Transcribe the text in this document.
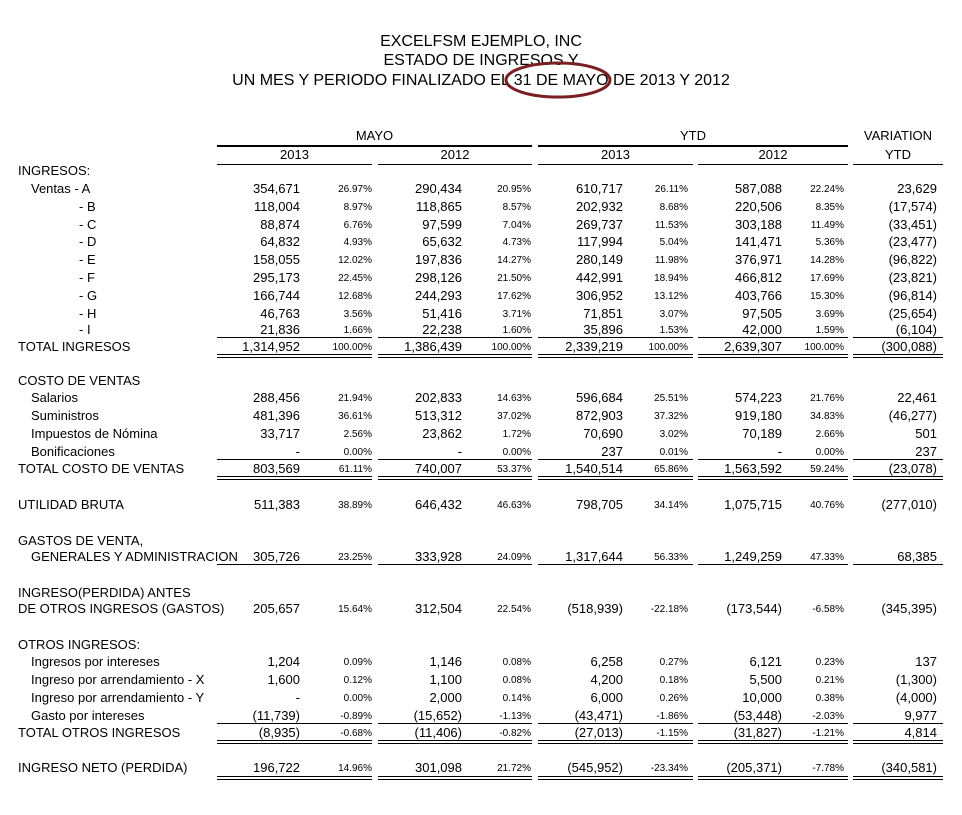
EXCELFSM EJEMPLO, INC
ESTADO DE INGRESOS Y
UN MES Y PERIODO FINALIZADO EL 31 DE MAYO DE 2013 Y 2012
MAYO	YTD	VARIATION
2013	2012	2013	2012	YTD
INGRESOS:
Ventas - A	354,671	26.97%	290,434	20.95%	610,717	26.11%	587,088	22.24%	23,629
- B	118,004	8.97%	118,865	8.57%	202,932	8.68%	220,506	8.35%	(17,574)
- C	88,874	6.76%	97,599	7.04%	269,737	11.53%	303,188	11.49%	(33,451)
- D	64,832	4.93%	65,632	4.73%	117,994	5.04%	141,471	5.36%	(23,477)
- E	158,055	12.02%	197,836	14.27%	280,149	11.98%	376,971	14.28%	(96,822)
- F	295,173	22.45%	298,126	21.50%	442,991	18.94%	466,812	17.69%	(23,821)
- G	166,744	12.68%	244,293	17.62%	306,952	13.12%	403,766	15.30%	(96,814)
- H	46,763	3.56%	51,416	3.71%	71,851	3.07%	97,505	3.69%	(25,654)
- I	21,836	1.66%	22,238	1.60%	35,896	1.53%	42,000	1.59%	(6,104)
TOTAL INGRESOS	1,314,952	100.00%	1,386,439	100.00%	2,339,219	100.00%	2,639,307	100.00%	(300,088)
COSTO DE VENTAS
Salarios	288,456	21.94%	202,833	14.63%	596,684	25.51%	574,223	21.76%	22,461
Suministros	481,396	36.61%	513,312	37.02%	872,903	37.32%	919,180	34.83%	(46,277)
Impuestos de Nómina	33,717	2.56%	23,862	1.72%	70,690	3.02%	70,189	2.66%	501
Bonificaciones	-	0.00%	-	0.00%	237	0.01%	-	0.00%	237
TOTAL COSTO DE VENTAS	803,569	61.11%	740,007	53.37%	1,540,514	65.86%	1,563,592	59.24%	(23,078)
UTILIDAD BRUTA	511,383	38.89%	646,432	46.63%	798,705	34.14%	1,075,715	40.76%	(277,010)
GASTOS DE VENTA,
GENERALES Y ADMINISTRACION	305,726	23.25%	333,928	24.09%	1,317,644	56.33%	1,249,259	47.33%	68,385
INGRESO(PERDIDA) ANTES
DE OTROS INGRESOS (GASTOS)	205,657	15.64%	312,504	22.54%	(518,939)	-22.18%	(173,544)	-6.58%	(345,395)
OTROS INGRESOS:
Ingresos por intereses	1,204	0.09%	1,146	0.08%	6,258	0.27%	6,121	0.23%	137
Ingreso por arrendamiento - X	1,600	0.12%	1,100	0.08%	4,200	0.18%	5,500	0.21%	(1,300)
Ingreso por arrendamiento - Y	-	0.00%	2,000	0.14%	6,000	0.26%	10,000	0.38%	(4,000)
Gasto por intereses	(11,739)	-0.89%	(15,652)	-1.13%	(43,471)	-1.86%	(53,448)	-2.03%	9,977
TOTAL OTROS INGRESOS	(8,935)	-0.68%	(11,406)	-0.82%	(27,013)	-1.15%	(31,827)	-1.21%	4,814
INGRESO NETO (PERDIDA)	196,722	14.96%	301,098	21.72%	(545,952)	-23.34%	(205,371)	-7.78%	(340,581)
